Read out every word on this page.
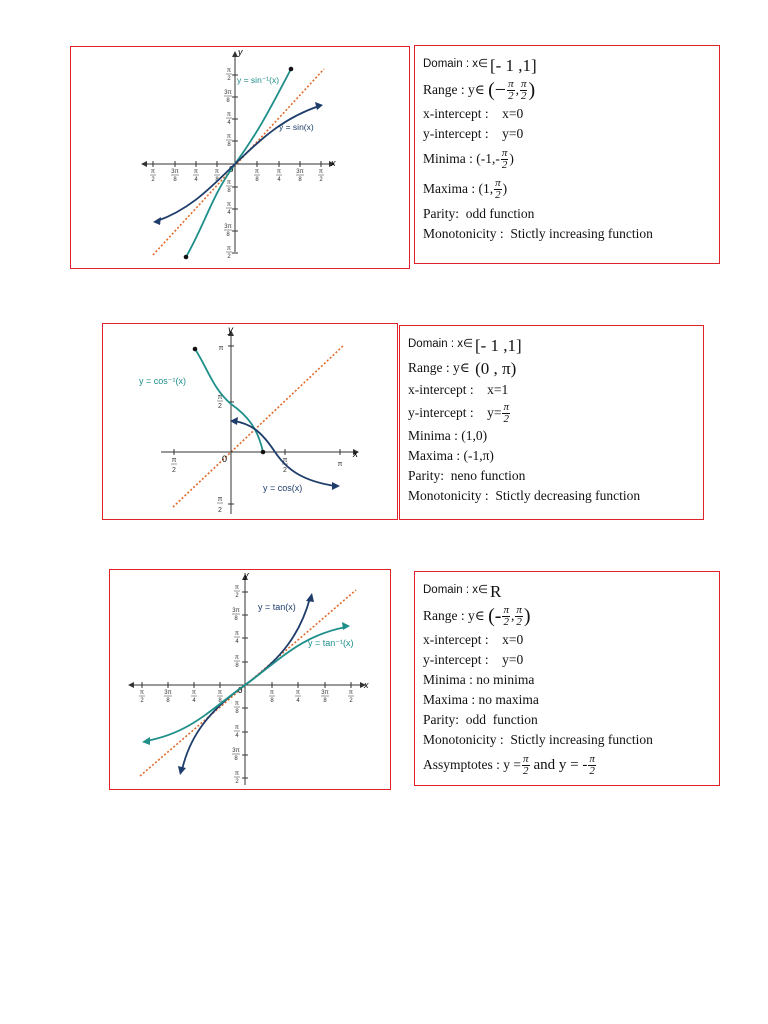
y
x
0
π
2
3π
8
π
4
π
8
π
8
π
4
3π
8
π
2
π
2
3π
8
π
4
π
8
π
8
π
4
3π
8
π
2
y = sin⁻¹(x)
y = sin(x)
Domain : x∈ [- 1 ,1]
Range : y∈
(− $\frac{\pi}{2}$ , $\frac{\pi}{2}$ )
x-intercept :    x=0
y-intercept :    y=0
Minima : ($-1,- \frac{\pi}{2}$ )
Maxima : (1, $\frac{\pi}{2}$ )
Parity:  odd function
Monotonicity :  Stictly increasing function
y
x
0
π
π
2
π
2
π
2
π
2
π
y = cos⁻¹(x)
y = cos(x)
Domain : x∈ [- 1 ,1]
Range : y∈
(0 , π)
x-intercept :    x=1
y-intercept :    $y= \frac{\pi}{2}$
Minima : (1,0)
Maxima : (-1,π)
Parity:  neno function
Monotonicity :  Stictly decreasing function
y
x
0
π
2
3π
8
π
4
π
8
π
8
π
4
3π
8
π
2
π
2
3π
8
π
4
π
8
π
8
π
4
3π
8
π
2
y = tan(x)
y = tan⁻¹(x)
Domain : x∈ R
Range : y∈
(- $\frac{\pi}{2}$ , $\frac{\pi}{2}$ )
x-intercept :    x=0
y-intercept :    y=0
Minima : no minima
Maxima : no maxima
Parity:  odd  function
Monotonicity :  Stictly increasing function
Assymptotes : $y = \frac{\pi}{2}$ and y = - $\frac{\pi}{2}$
